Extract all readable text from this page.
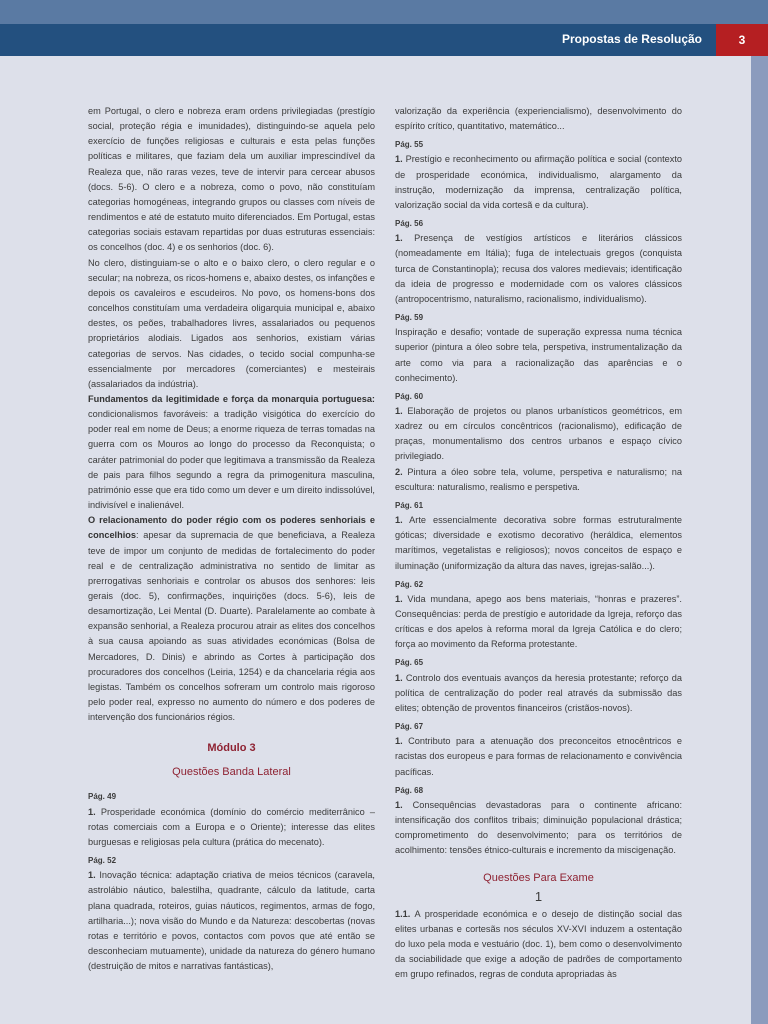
Propostas de Resolução	3

em Portugal, o clero e nobreza eram ordens privilegiadas (prestígio social, proteção régia e imunidades), distinguindo-se aquela pelo exercício de funções religiosas e culturais e esta pelas funções políticas e militares, que faziam dela um auxiliar imprescindível da Realeza que, não raras vezes, teve de intervir para cercear abusos (docs. 5-6). O clero e a nobreza, como o povo, não constituíam categorias homogéneas, integrando grupos ou classes com níveis de rendimentos e até de estatuto muito diferenciados. Em Portugal, estas categorias sociais estavam repartidas por duas estruturas essenciais: os concelhos (doc. 4) e os senhorios (doc. 6).

No clero, distinguiam-se o alto e o baixo clero, o clero regular e o secular; na nobreza, os ricos-homens e, abaixo destes, os infanções e depois os cavaleiros e escudeiros. No povo, os homens-bons dos concelhos constituíam uma verdadeira oligarquia municipal e, abaixo destes, os peões, trabalhadores livres, assalariados ou pequenos proprietários alodiais. Ligados aos senhorios, existiam várias categorias de servos. Nas cidades, o tecido social compunha-se essencialmente por mercadores (comerciantes) e mesteirais (assalariados da indústria).

Fundamentos da legitimidade e força da monarquia portuguesa: condicionalismos favoráveis: a tradição visigótica do exercício do poder real em nome de Deus; a enorme riqueza de terras tomadas na guerra com os Mouros ao longo do processo da Reconquista; o caráter patrimonial do poder que legitimava a transmissão da Realeza de pais para filhos segundo a regra da primogenitura masculina, património esse que era tido como um dever e um direito indissolúvel, indivisível e inalienável.

O relacionamento do poder régio com os poderes senhoriais e concelhios: apesar da supremacia de que beneficiava, a Realeza teve de impor um conjunto de medidas de fortalecimento do poder real e de centralização administrativa no sentido de limitar as prerrogativas senhoriais e controlar os abusos dos senhores: leis gerais (doc. 5), confirmações, inquirições (docs. 5-6), leis de desamortização, Lei Mental (D. Duarte). Paralelamente ao combate à expansão senhorial, a Realeza procurou atrair as elites dos concelhos à sua causa apoiando as suas atividades económicas (Bolsa de Mercadores, D. Dinis) e abrindo as Cortes à participação dos procuradores dos concelhos (Leiria, 1254) e da chancelaria régia aos legistas. Também os concelhos sofreram um controlo mais rigoroso pelo poder real, expresso no aumento do número e dos poderes de intervenção dos funcionários régios.

Módulo 3
Questões Banda Lateral
Pág. 49

1. Prosperidade económica (domínio do comércio mediterrânico – rotas comerciais com a Europa e o Oriente); interesse das elites burguesas e religiosas pela cultura (prática do mecenato).

Pág. 52

1. Inovação técnica: adaptação criativa de meios técnicos (caravela, astrolábio náutico, balestilha, quadrante, cálculo da latitude, carta plana quadrada, roteiros, guias náuticos, regimentos, armas de fogo, artilharia...); nova visão do Mundo e da Natureza: descobertas (novas rotas e território e povos, contactos com povos que até então se desconheciam mutuamente), unidade da natureza do género humano (destruição de mitos e narrativas fantásticas),

valorização da experiência (experiencialismo), desenvolvimento do espírito crítico, quantitativo, matemático...

Pág. 55

1. Prestígio e reconhecimento ou afirmação política e social (contexto de prosperidade económica, individualismo, alargamento da instrução, modernização da imprensa, centralização política, valorização social da vida cortesã e da cultura).

Pág. 56

1. Presença de vestígios artísticos e literários clássicos (nomeadamente em Itália); fuga de intelectuais gregos (conquista turca de Constantinopla); recusa dos valores medievais; identificação da ideia de progresso e modernidade com os valores clássicos (antropocentrismo, naturalismo, racionalismo, individualismo).

Pág. 59

Inspiração e desafio; vontade de superação expressa numa técnica superior (pintura a óleo sobre tela, perspetiva, instrumentalização da arte como via para a racionalização das aparências e o conhecimento).

Pág. 60

1. Elaboração de projetos ou planos urbanísticos geométricos, em xadrez ou em círculos concêntricos (racionalismo), edificação de praças, monumentalismo dos centros urbanos e espaço cívico privilegiado.

2. Pintura a óleo sobre tela, volume, perspetiva e naturalismo; na escultura: naturalismo, realismo e perspetiva.

Pág. 61

1. Arte essencialmente decorativa sobre formas estruturalmente góticas; diversidade e exotismo decorativo (heráldica, elementos marítimos, vegetalistas e religiosos); novos conceitos de espaço e iluminação (uniformização da altura das naves, igrejas-salão...).

Pág. 62

1. Vida mundana, apego aos bens materiais, “honras e prazeres”. Consequências: perda de prestígio e autoridade da Igreja, reforço das críticas e dos apelos à reforma moral da Igreja Católica e do clero; força ao movimento da Reforma protestante.

Pág. 65

1. Controlo dos eventuais avanços da heresia protestante; reforço da política de centralização do poder real através da submissão das elites; obtenção de proventos financeiros (cristãos-novos).

Pág. 67

1. Contributo para a atenuação dos preconceitos etnocêntricos e racistas dos europeus e para formas de relacionamento e convivência pacíficas.

Pág. 68

1. Consequências devastadoras para o continente africano: intensificação dos conflitos tribais; diminuição populacional drástica; comprometimento do desenvolvimento; para os territórios de acolhimento: tensões étnico-culturais e incremento da miscigenação.

Questões Para Exame
1

1.1. A prosperidade económica e o desejo de distinção social das elites urbanas e cortesãs nos séculos XV-XVI induzem a ostentação do luxo pela moda e vestuário (doc. 1), bem como o desenvolvimento da sociabilidade que exige a adoção de padrões de comportamento em grupo refinados, regras de conduta apropriadas às
